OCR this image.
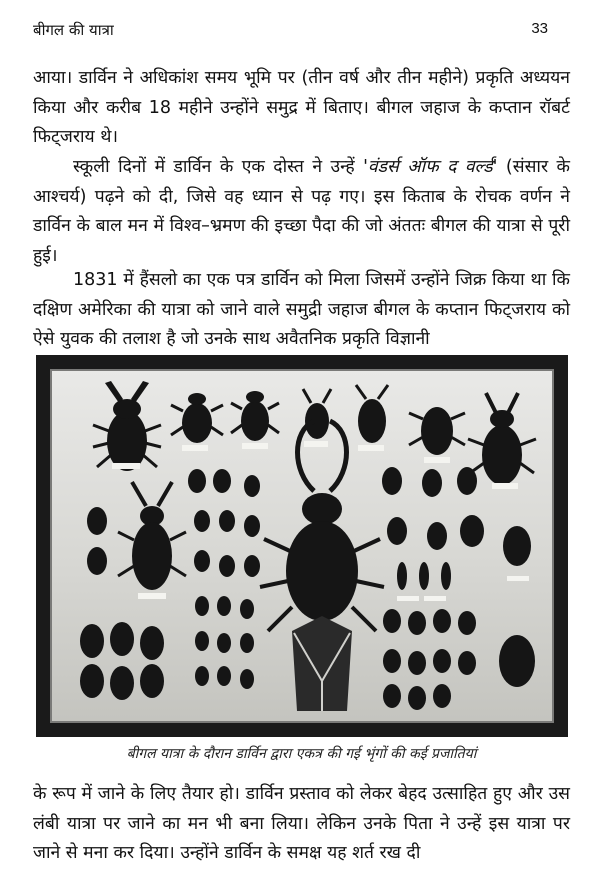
बीगल की यात्रा	33

आया। डार्विन ने अधिकांश समय भूमि पर (तीन वर्ष और तीन महीने) प्रकृति अध्ययन किया और करीब 18 महीने उन्होंने समुद्र में बिताए। बीगल जहाज के कप्तान रॉबर्ट फिट्जराय थे।

स्कूली दिनों में डार्विन के एक दोस्त ने उन्हें 'वंडर्स ऑफ द वर्ल्ड' (संसार के आश्चर्य) पढ़ने को दी, जिसे वह ध्यान से पढ़ गए। इस किताब के रोचक वर्णन ने डार्विन के बाल मन में विश्व–भ्रमण की इच्छा पैदा की जो अंततः बीगल की यात्रा से पूरी हुई।

1831 में हैंसलो का एक पत्र डार्विन को मिला जिसमें उन्होंने जिक्र किया था कि दक्षिण अमेरिका की यात्रा को जाने वाले समुद्री जहाज बीगल के कप्तान फिट्जराय को ऐसे युवक की तलाश है जो उनके साथ अवैतनिक प्रकृति विज्ञानी

बीगल यात्रा के दौरान डार्विन द्वारा एकत्र की गई भृंगों की कई प्रजातियां

के रूप में जाने के लिए तैयार हो। डार्विन प्रस्ताव को लेकर बेहद उत्साहित हुए और उस लंबी यात्रा पर जाने का मन भी बना लिया। लेकिन उनके पिता ने उन्हें इस यात्रा पर जाने से मना कर दिया। उन्होंने डार्विन के समक्ष यह शर्त रख दी
